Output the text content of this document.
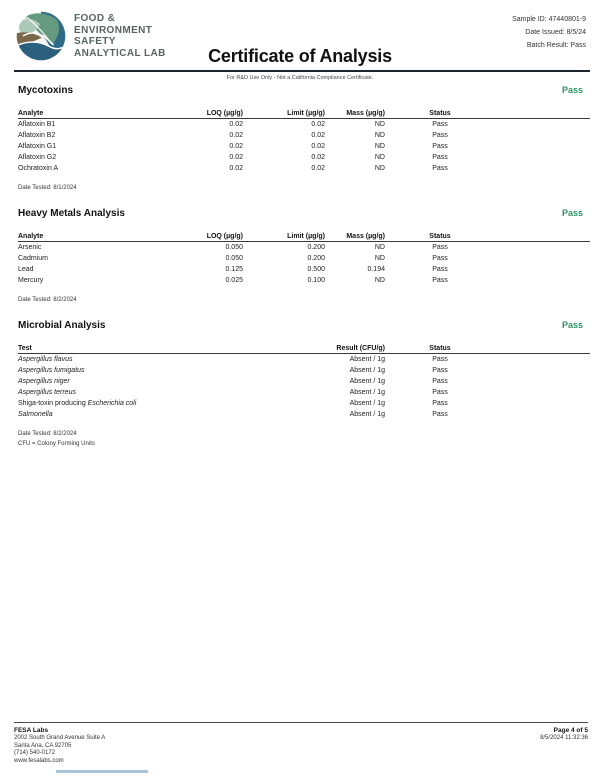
FOOD &
ENVIRONMENT
SAFETY
ANALYTICAL LAB
Sample ID: 47440801-9
Date Issued: 8/5/24
Batch Result: Pass
Certificate of Analysis
For R&D Use Only - Not a California Compliance Certificate.
Mycotoxins	Pass
Analyte	LOQ (µg/g)	Limit (µg/g)	Mass (µg/g)	Status
Aflatoxin B1	0.02	0.02	ND	Pass
Aflatoxin B2	0.02	0.02	ND	Pass
Aflatoxin G1	0.02	0.02	ND	Pass
Aflatoxin G2	0.02	0.02	ND	Pass
Ochratoxin A	0.02	0.02	ND	Pass
Date Tested: 8/1/2024
Heavy Metals Analysis	Pass
Analyte	LOQ (µg/g)	Limit (µg/g)	Mass (µg/g)	Status
Arsenic	0.050	0.200	ND	Pass
Cadmium	0.050	0.200	ND	Pass
Lead	0.125	0.500	0.194	Pass
Mercury	0.025	0.100	ND	Pass
Date Tested: 8/2/2024
Microbial Analysis	Pass
Test	Result (CFU/g)	Status
Aspergillus flavus	Absent / 1g	Pass
Aspergillus fumigatus	Absent / 1g	Pass
Aspergillus niger	Absent / 1g	Pass
Aspergillus terreus	Absent / 1g	Pass
Shiga-toxin producing Escherichia coli	Absent / 1g	Pass
Salmonella	Absent / 1g	Pass
Date Tested: 8/2/2024
CFU = Colony Forming Units
FESA Labs
2002 South Grand Avenue Suite A
Santa Ana, CA 92705
(714) 540-0172
www.fesalabs.com
Page 4 of 5
8/5/2024 11:32:36
